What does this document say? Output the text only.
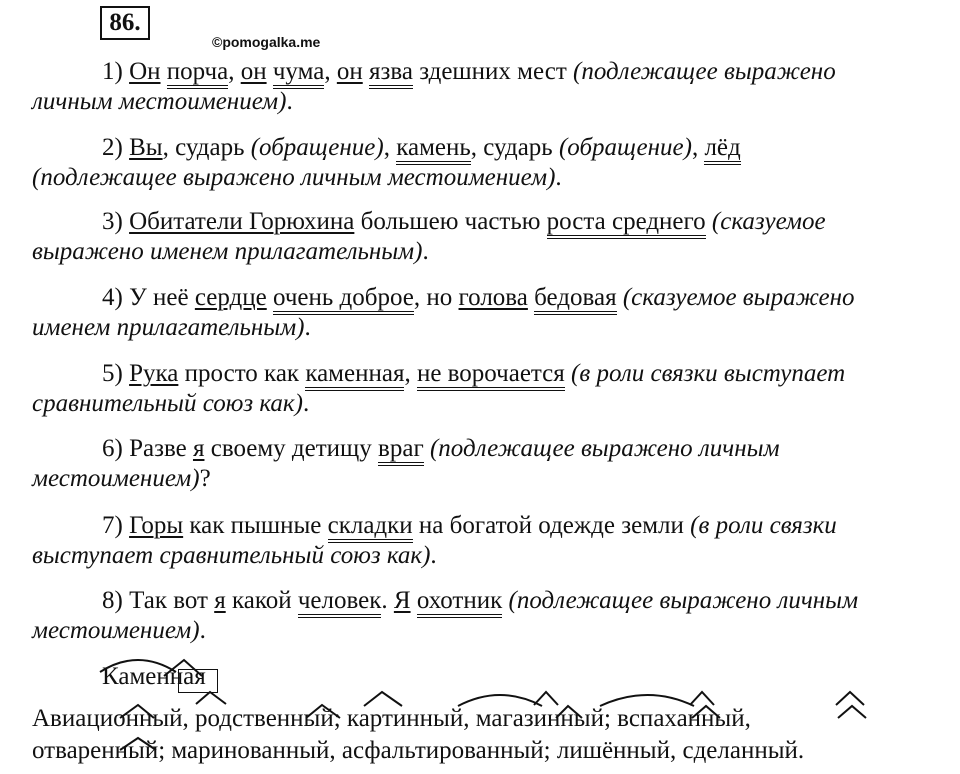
86.
©pomogalka.me
1) Он порча, он чума, он язва здешних мест (подлежащее выражено
личным местоимением).
2) Вы, сударь (обращение), камень, сударь (обращение), лёд
(подлежащее выражено личным местоимением).
3) Обитатели Горюхина большею частью роста среднего (сказуемое
выражено именем прилагательным).
4) У неё сердце очень доброе, но голова бедовая (сказуемое выражено
именем прилагательным).
5) Рука просто как каменная, не ворочается (в роли связки выступает
сравнительный союз как).
6) Разве я своему детищу враг (подлежащее выражено личным
местоимением)?
7) Горы как пышные складки на богатой одежде земли (в роли связки
выступает сравнительный союз как).
8) Так вот я какой человек. Я охотник (подлежащее выражено личным
местоимением).
Каменная
Авиационный, родственный; картинный, магазинный; вспаханный,
отваренный; маринованный, асфальтированный; лишённый, сделанный.
